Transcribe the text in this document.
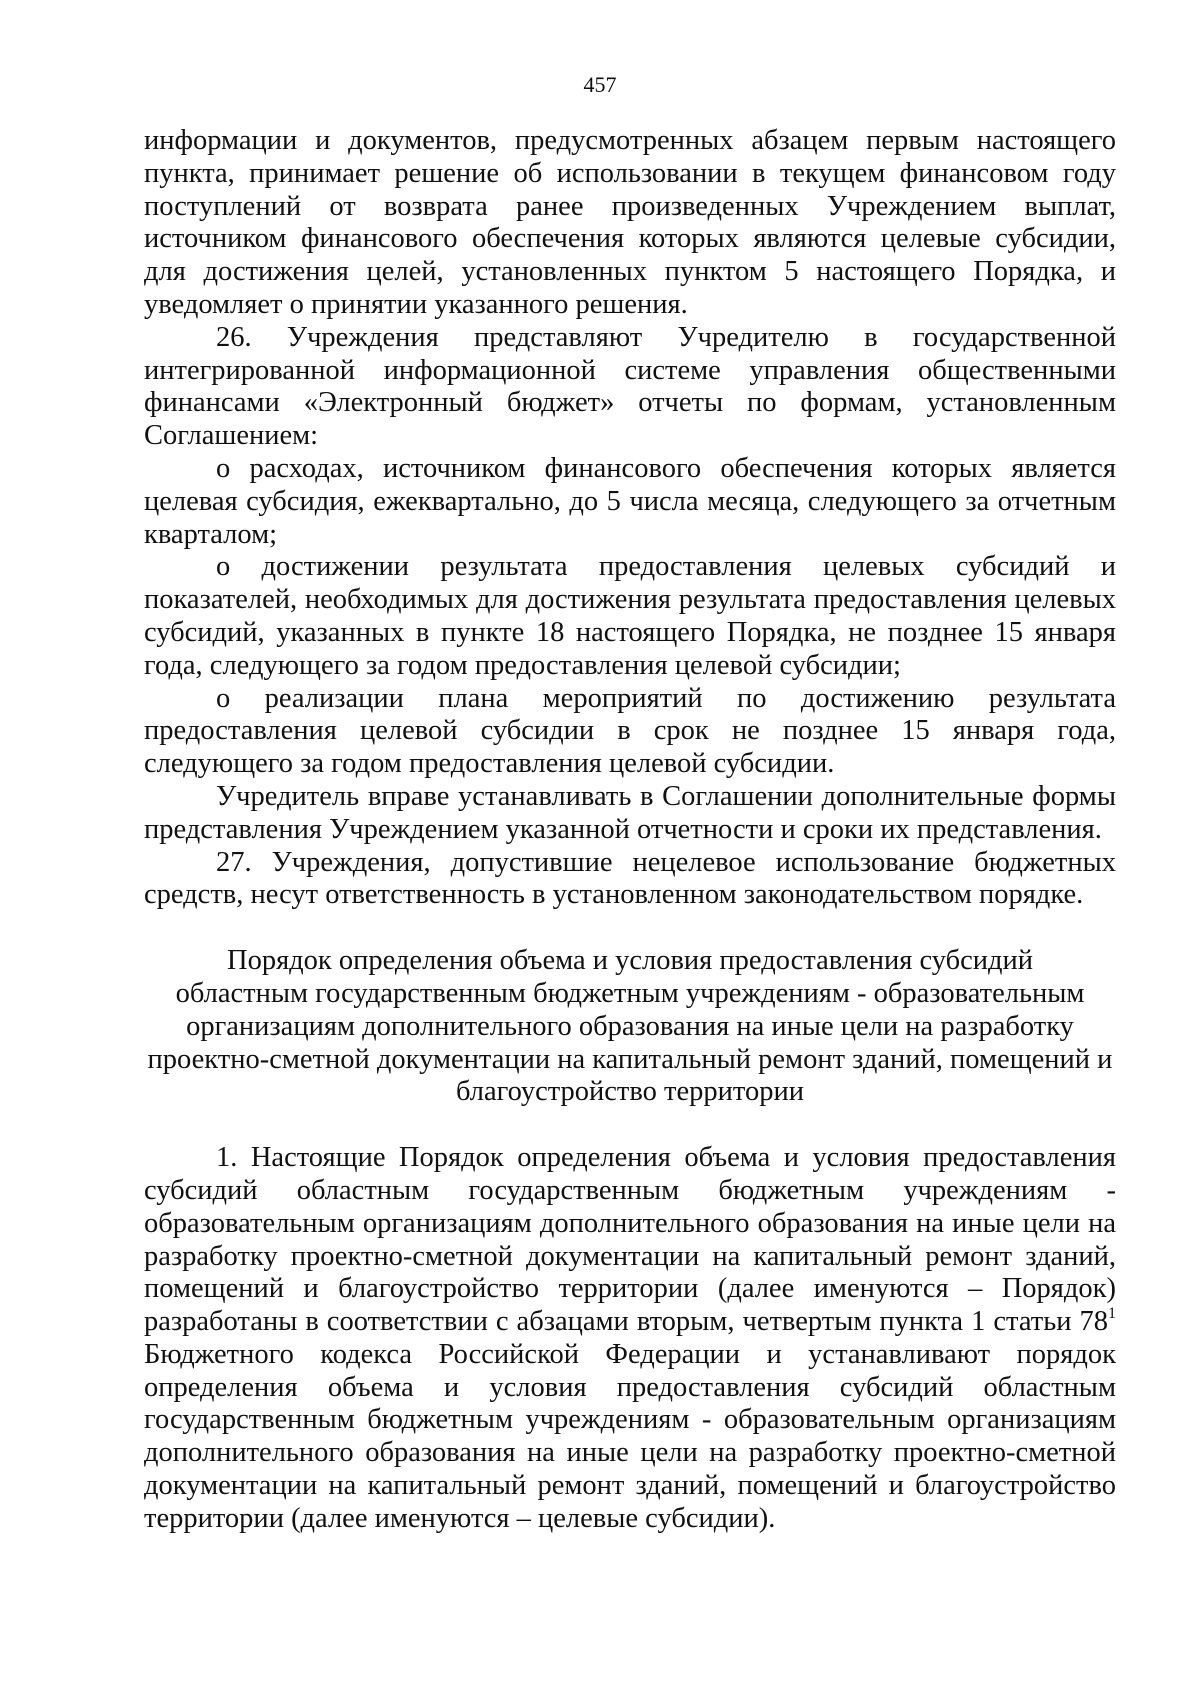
457

информации и документов, предусмотренных абзацем первым настоящего пункта, принимает решение об использовании в текущем финансовом году поступлений от возврата ранее произведенных Учреждением выплат, источником финансового обеспечения которых являются целевые субсидии, для достижения целей, установленных пунктом 5 настоящего Порядка, и уведомляет о принятии указанного решения.

26. Учреждения представляют Учредителю в государственной интегрированной информационной системе управления общественными финансами «Электронный бюджет» отчеты по формам, установленным Соглашением:

о расходах, источником финансового обеспечения которых является целевая субсидия, ежеквартально, до 5 числа месяца, следующего за отчетным кварталом;

о достижении результата предоставления целевых субсидий и показателей, необходимых для достижения результата предоставления целевых субсидий, указанных в пункте 18 настоящего Порядка, не позднее 15 января года, следующего за годом предоставления целевой субсидии;

о реализации плана мероприятий по достижению результата предоставления целевой субсидии в срок не позднее 15 января года, следующего за годом предоставления целевой субсидии.

Учредитель вправе устанавливать в Соглашении дополнительные формы представления Учреждением указанной отчетности и сроки их представления.

27. Учреждения, допустившие нецелевое использование бюджетных средств, несут ответственность в установленном законодательством порядке.

Порядок определения объема и условия предоставления субсидий
областным государственным бюджетным учреждениям - образовательным
организациям дополнительного образования на иные цели на разработку
проектно-сметной документации на капитальный ремонт зданий, помещений и
благоустройство территории

1. Настоящие Порядок определения объема и условия предоставления субсидий областным государственным бюджетным учреждениям - образовательным организациям дополнительного образования на иные цели на разработку проектно-сметной документации на капитальный ремонт зданий, помещений и благоустройство территории (далее именуются – Порядок) разработаны в соответствии с абзацами вторым, четвертым пункта 1 статьи $78^1$ Бюджетного кодекса Российской Федерации и устанавливают порядок определения объема и условия предоставления субсидий областным государственным бюджетным учреждениям - образовательным организациям дополнительного образования на иные цели на разработку проектно-сметной документации на капитальный ремонт зданий, помещений и благоустройство территории (далее именуются – целевые субсидии).
